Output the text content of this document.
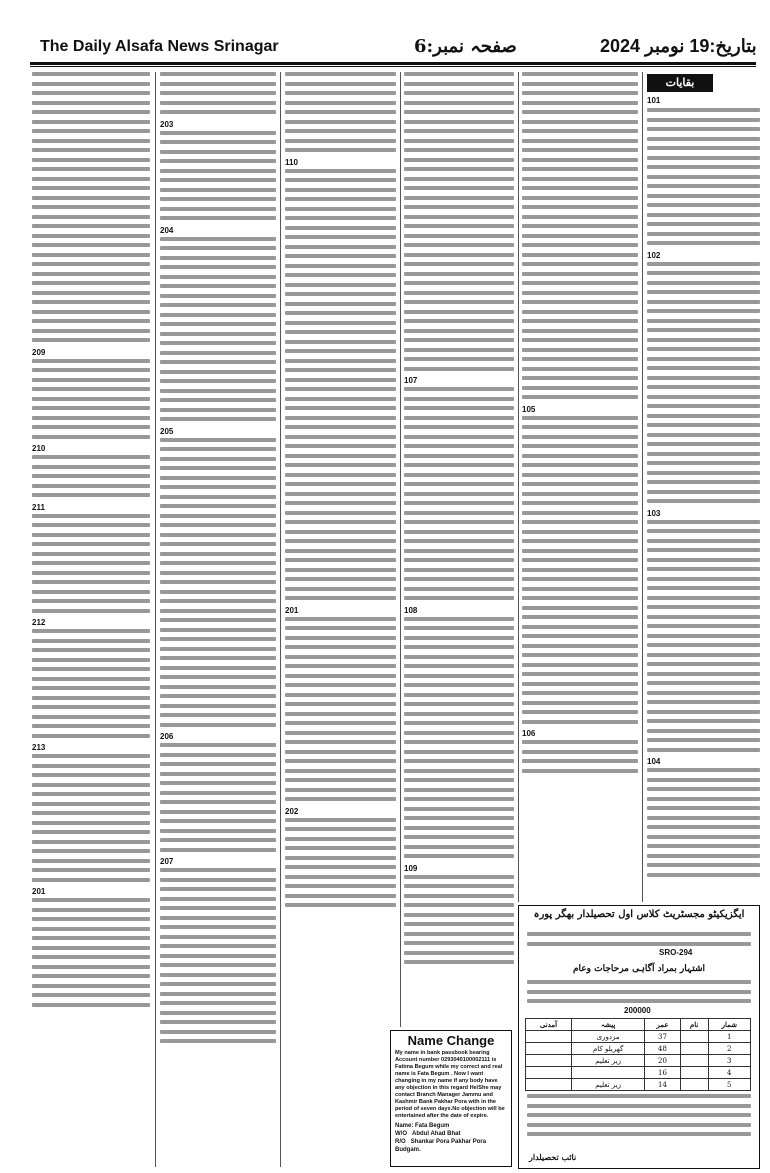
The Daily Alsafa News Srinagar	صفحہ نمبر:6	بتاریخ:19 نومبر 2024
بقایات
101
209
210
211
212
213
201
203
204
205
206
207
110
201
202
107
108
109
105
106
102
103
104
ایگزیکیٹو مجسٹریٹ کلاس اول تحصیلدار بھگر پورہ
SRO-294
اشتہار بمراد آگاہی مرحاجات وعام
200000
آمدنی	پیشہ	عمر	نام	شمار
	مزدوری	37		1
	گھریلو کام	48		2
	زیر تعلیم	20		3
		16		4
	زیر تعلیم	14		5
نائب تحصیلدار
Name Change
My name in bank passbook bearing Account number 0293040100002111 is Fatima Begum while my correct and real name is Fata Begum . Now I want changing in my name if any body have any objection in this regard He/She may contact Branch Manager Jammu and Kashmir Bank Pakhar Pora with in the period of seven days.No objection will be entertained after the date of expire.
Name: Fata Begum
W/O Abdul Ahad Bhat
R/O Shankar Pora Pakhar Pora Budgam.
